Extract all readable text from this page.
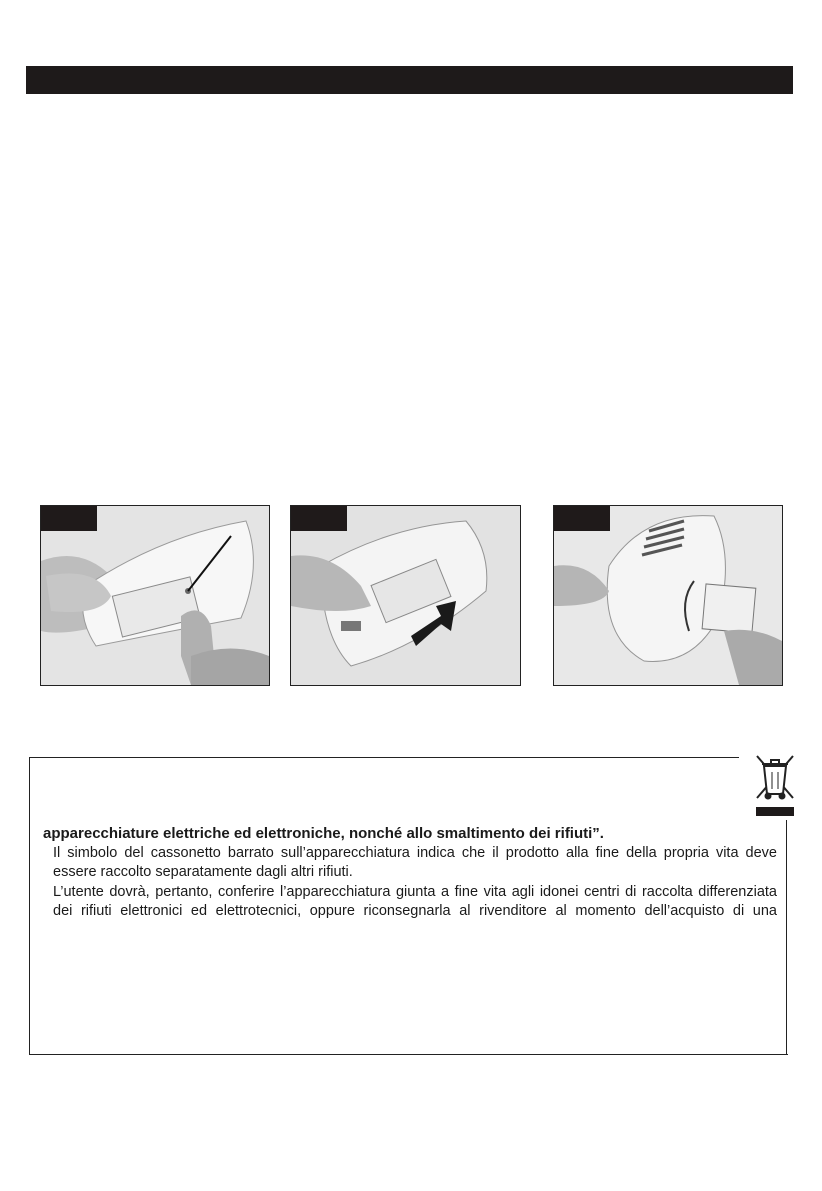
apparecchiature elettriche ed elettroniche, nonché allo smaltimento dei rifiuti”.

Il simbolo del cassonetto barrato sull’apparecchiatura indica che il prodotto alla fine della propria vita deve

essere raccolto separatamente dagli altri rifiuti.

L’utente dovrà, pertanto, conferire l’apparecchiatura giunta a fine vita agli idonei centri di raccolta differenziata

dei rifiuti elettronici ed elettrotecnici, oppure riconsegnarla al rivenditore al momento dell’acquisto di una
